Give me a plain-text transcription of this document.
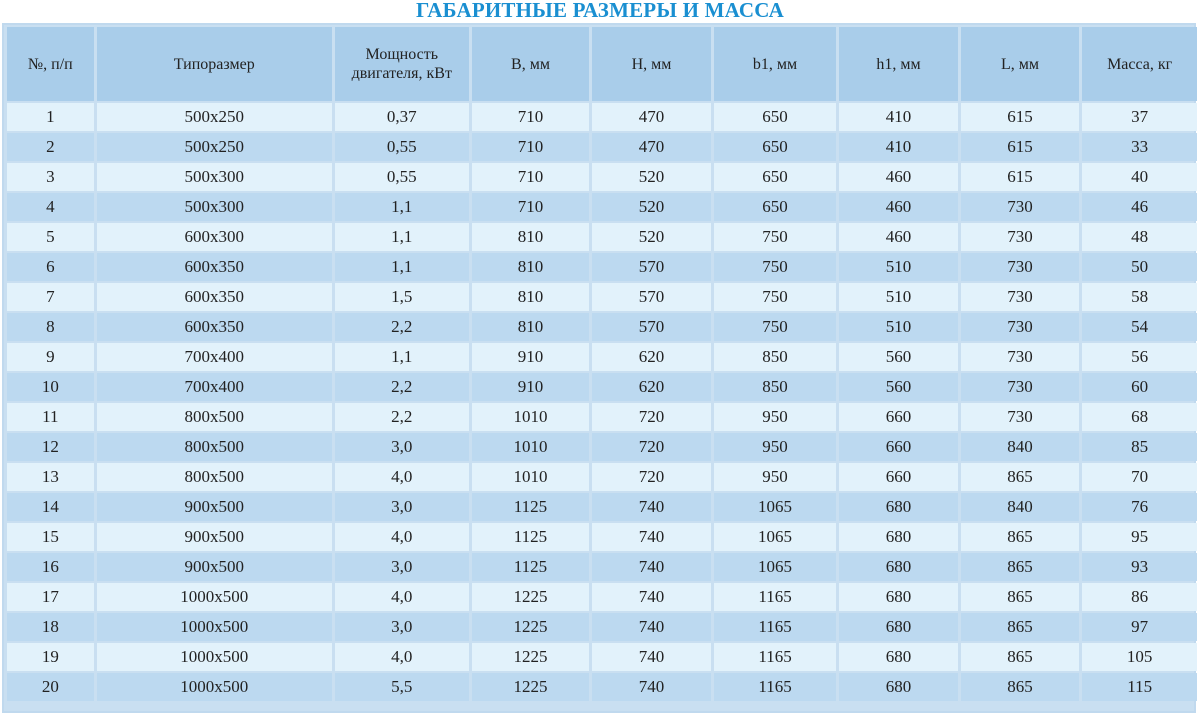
ГАБАРИТНЫЕ РАЗМЕРЫ И МАССА
№, п/п	Типоразмер	Мощность двигателя, кВт	B, мм	H, мм	b1, мм	h1, мм	L, мм	Масса, кг
1	500x250	0,37	710	470	650	410	615	37
2	500x250	0,55	710	470	650	410	615	33
3	500x300	0,55	710	520	650	460	615	40
4	500x300	1,1	710	520	650	460	730	46
5	600x300	1,1	810	520	750	460	730	48
6	600x350	1,1	810	570	750	510	730	50
7	600x350	1,5	810	570	750	510	730	58
8	600x350	2,2	810	570	750	510	730	54
9	700x400	1,1	910	620	850	560	730	56
10	700x400	2,2	910	620	850	560	730	60
11	800x500	2,2	1010	720	950	660	730	68
12	800x500	3,0	1010	720	950	660	840	85
13	800x500	4,0	1010	720	950	660	865	70
14	900x500	3,0	1125	740	1065	680	840	76
15	900x500	4,0	1125	740	1065	680	865	95
16	900x500	3,0	1125	740	1065	680	865	93
17	1000x500	4,0	1225	740	1165	680	865	86
18	1000x500	3,0	1225	740	1165	680	865	97
19	1000x500	4,0	1225	740	1165	680	865	105
20	1000x500	5,5	1225	740	1165	680	865	115
